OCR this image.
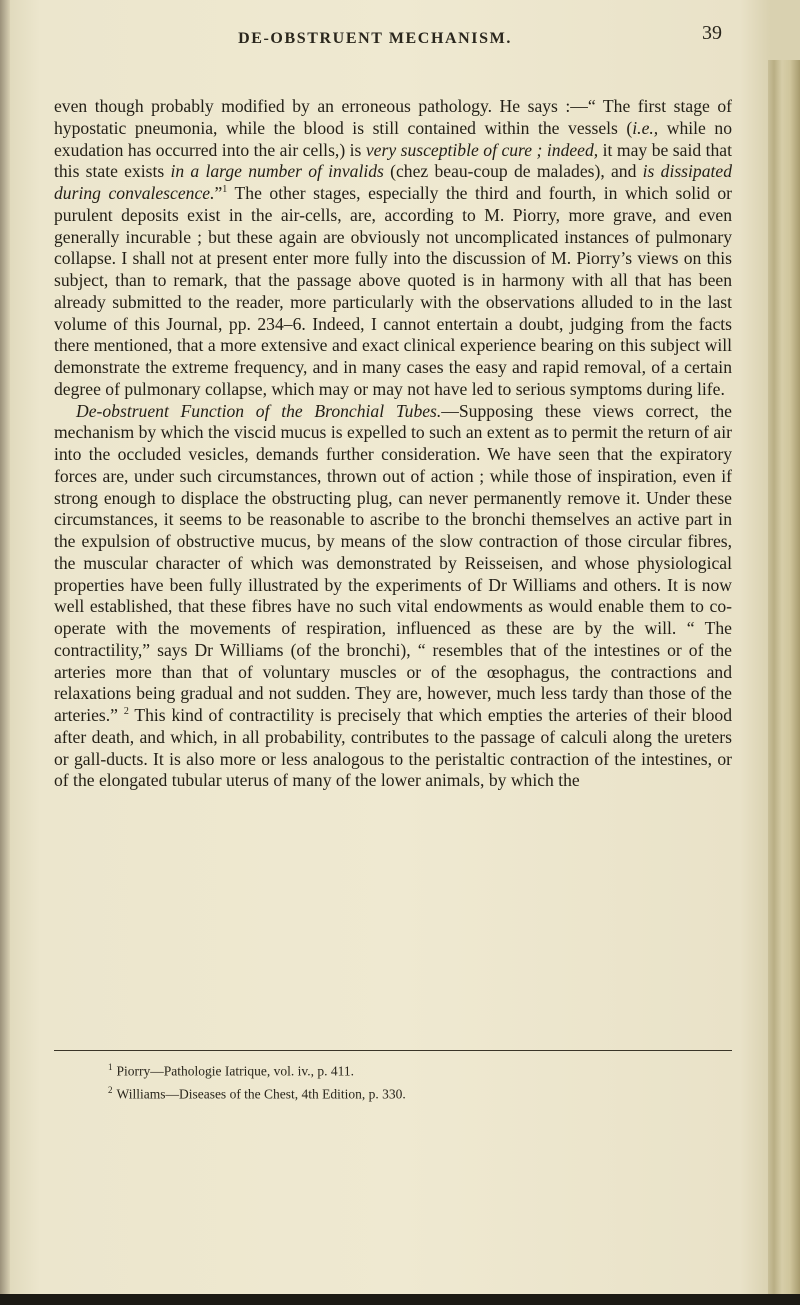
DE-OBSTRUENT MECHANISM.	39

even though probably modified by an erroneous pathology. He says :—“ The first stage of hypostatic pneumonia, while the blood is still contained within the vessels (i.e., while no exudation has occurred into the air cells,) is very susceptible of cure ; indeed, it may be said that this state exists in a large number of invalids (chez beau-coup de malades), and is dissipated during convalescence.”$^1$ The other stages, especially the third and fourth, in which solid or purulent deposits exist in the air-cells, are, according to M. Piorry, more grave, and even generally incurable ; but these again are obviously not uncomplicated instances of pulmonary collapse. I shall not at present enter more fully into the discussion of M. Piorry’s views on this subject, than to remark, that the passage above quoted is in harmony with all that has been already submitted to the reader, more particularly with the observations alluded to in the last volume of this Journal, pp. 234–6. Indeed, I cannot entertain a doubt, judging from the facts there mentioned, that a more extensive and exact clinical experience bearing on this subject will demonstrate the extreme frequency, and in many cases the easy and rapid removal, of a certain degree of pulmonary collapse, which may or may not have led to serious symptoms during life.

De-obstruent Function of the Bronchial Tubes.—Supposing these views correct, the mechanism by which the viscid mucus is expelled to such an extent as to permit the return of air into the occluded vesicles, demands further consideration. We have seen that the expiratory forces are, under such circumstances, thrown out of action ; while those of inspiration, even if strong enough to displace the obstructing plug, can never permanently remove it. Under these circumstances, it seems to be reasonable to ascribe to the bronchi themselves an active part in the expulsion of obstructive mucus, by means of the slow contraction of those circular fibres, the muscular character of which was demonstrated by Reisseisen, and whose physiological properties have been fully illustrated by the experiments of Dr Williams and others. It is now well established, that these fibres have no such vital endowments as would enable them to co-operate with the movements of respiration, influenced as these are by the will. “ The contractility,” says Dr Williams (of the bronchi), “ resembles that of the intestines or of the arteries more than that of voluntary muscles or of the œsophagus, the contractions and relaxations being gradual and not sudden. They are, however, much less tardy than those of the arteries.” $^2$ This kind of contractility is precisely that which empties the arteries of their blood after death, and which, in all probability, contributes to the passage of calculi along the ureters or gall-ducts. It is also more or less analogous to the peristaltic contraction of the intestines, or of the elongated tubular uterus of many of the lower animals, by which the

$^1$ Piorry—Pathologie Iatrique, vol. iv., p. 411.
$^2$ Williams—Diseases of the Chest, 4th Edition, p. 330.
